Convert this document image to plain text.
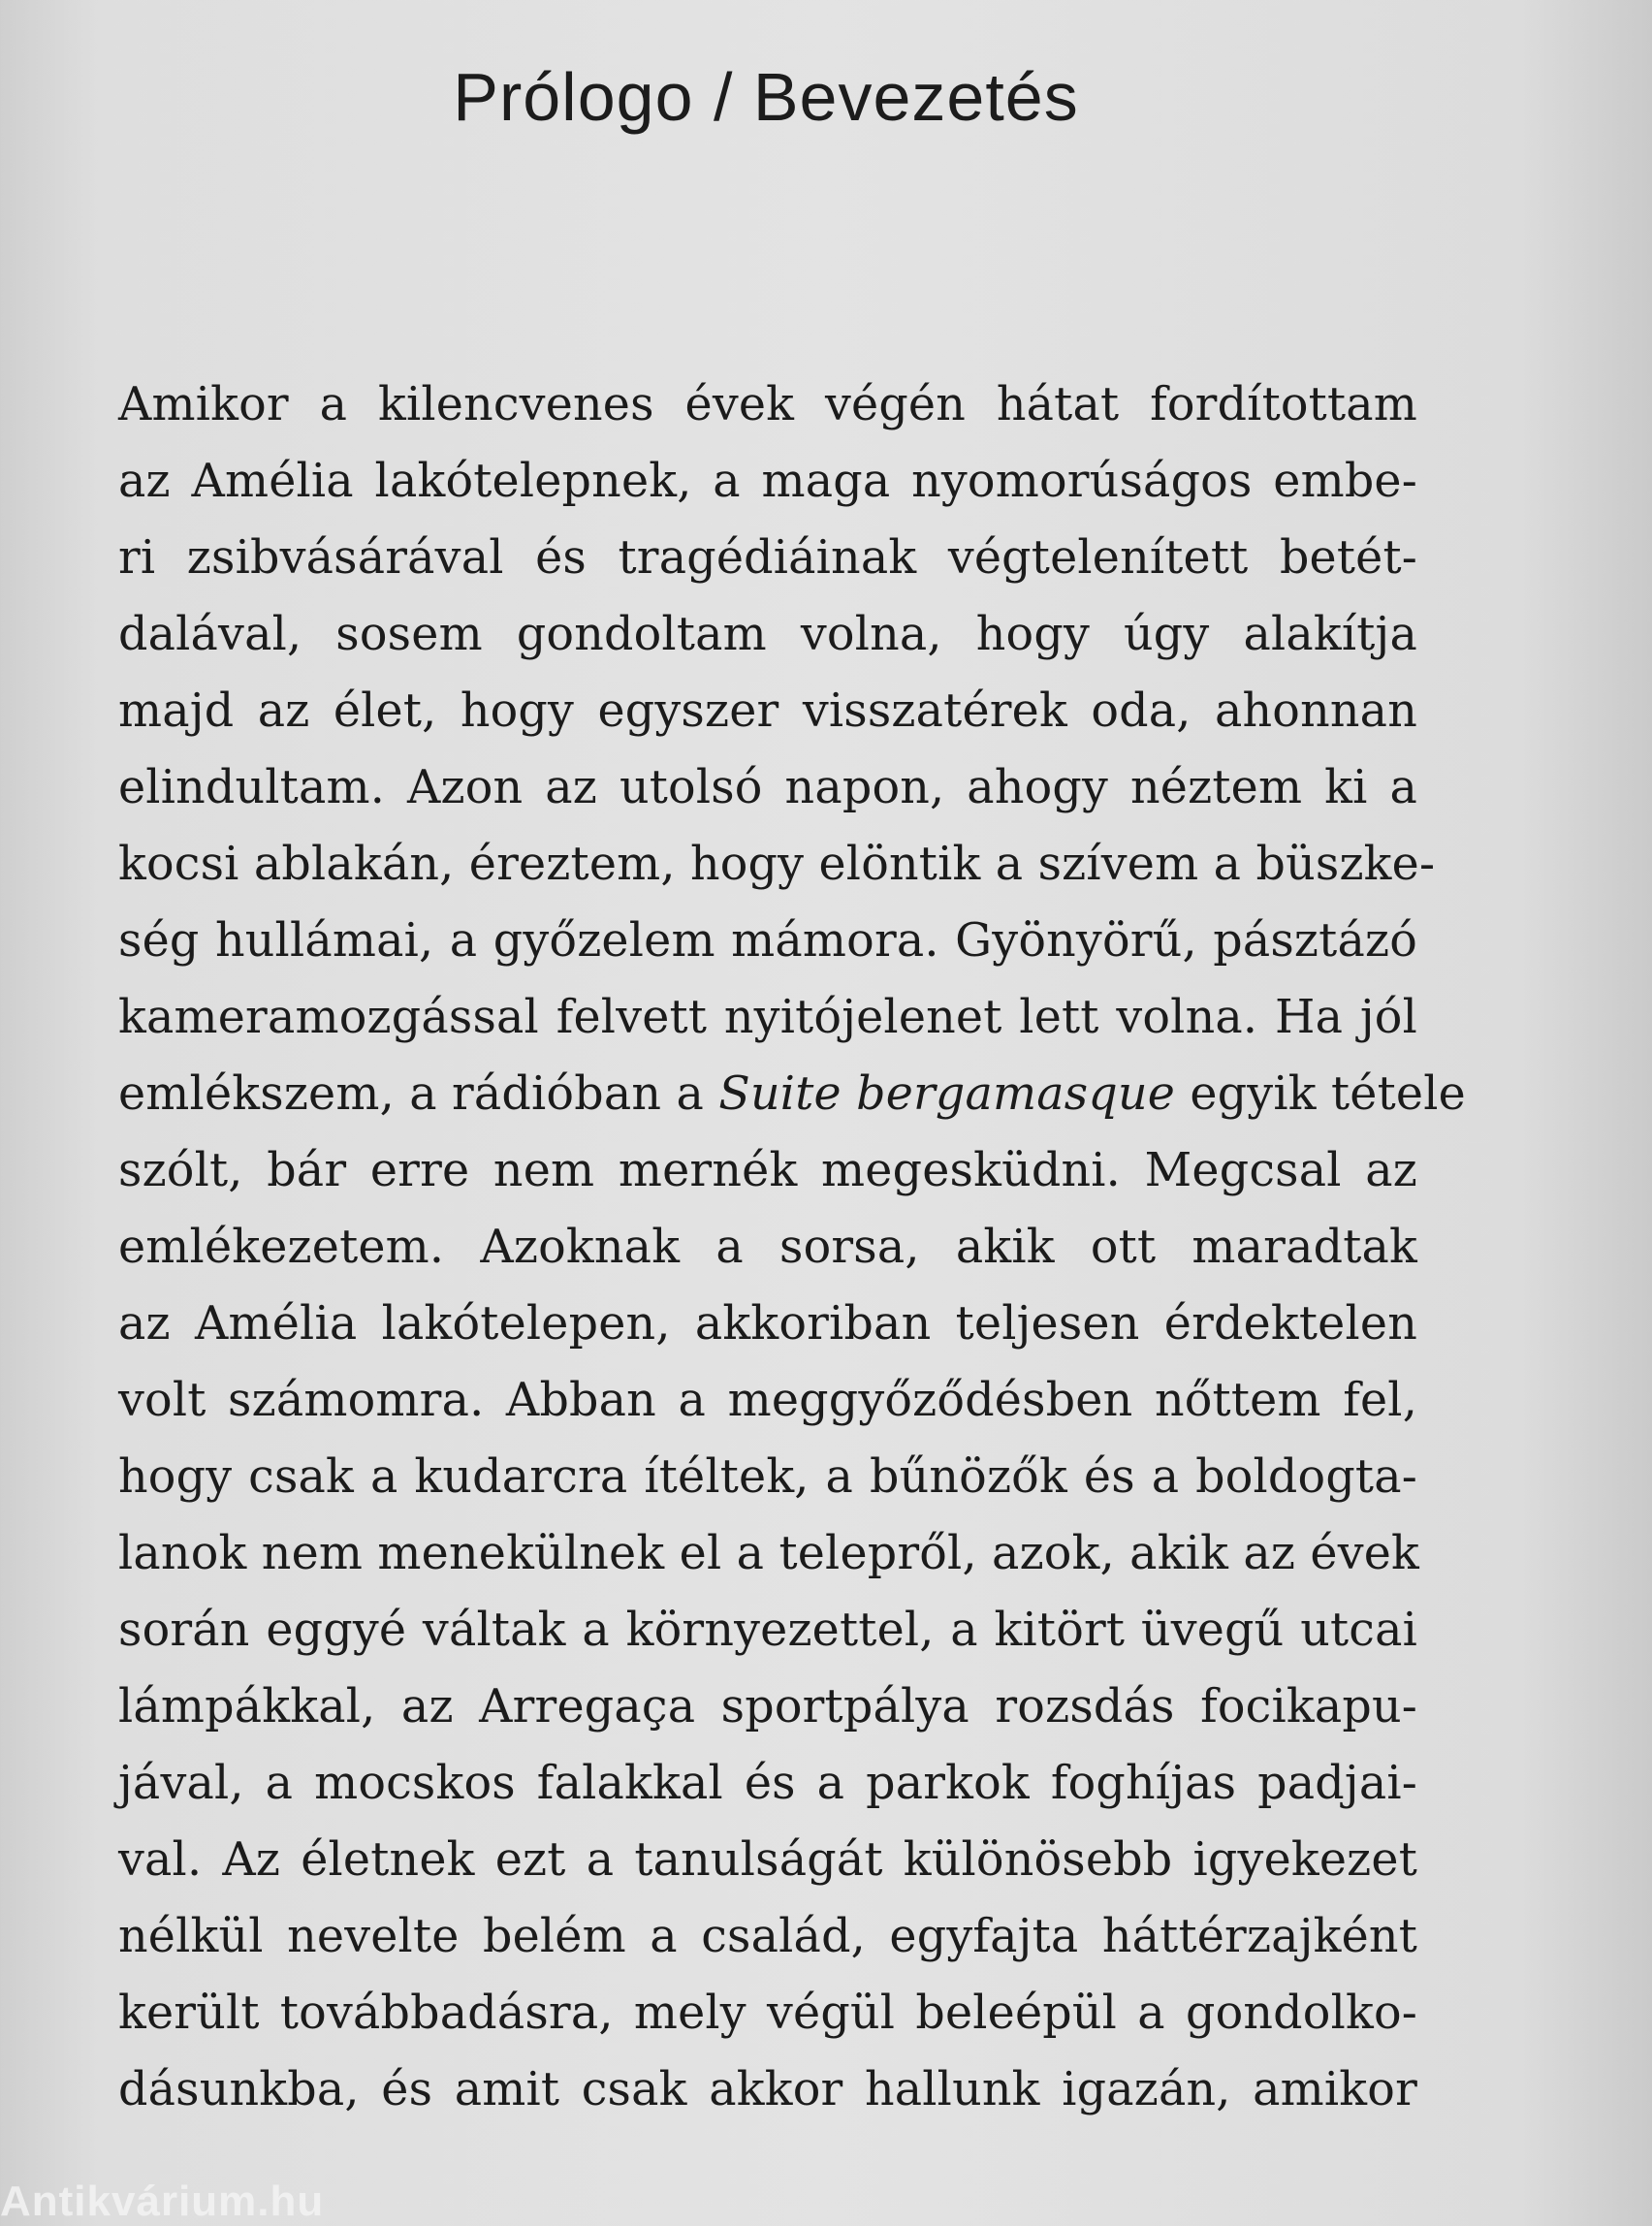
Prólogo / Bevezetés
Amikor a kilencvenes évek végén hátat fordítottam
az Amélia lakótelepnek, a maga nyomorúságos embe-
ri zsibvásárával és tragédiáinak végtelenített betét-
dalával, sosem gondoltam volna, hogy úgy alakítja
majd az élet, hogy egyszer visszatérek oda, ahonnan
elindultam. Azon az utolsó napon, ahogy néztem ki a
kocsi ablakán, éreztem, hogy elöntik a szívem a büszke-
ség hullámai, a győzelem mámora. Gyönyörű, pásztázó
kameramozgással felvett nyitójelenet lett volna. Ha jól
emlékszem, a rádióban a Suite bergamasque egyik tétele
szólt, bár erre nem mernék megesküdni. Megcsal az
emlékezetem. Azoknak a sorsa, akik ott maradtak
az Amélia lakótelepen, akkoriban teljesen érdektelen
volt számomra. Abban a meggyőződésben nőttem fel,
hogy csak a kudarcra ítéltek, a bűnözők és a boldogta-
lanok nem menekülnek el a telepről, azok, akik az évek
során eggyé váltak a környezettel, a kitört üvegű utcai
lámpákkal, az Arregaça sportpálya rozsdás focikapu-
jával, a mocskos falakkal és a parkok foghíjas padjai-
val. Az életnek ezt a tanulságát különösebb igyekezet
nélkül nevelte belém a család, egyfajta háttérzajként
került továbbadásra, mely végül beleépül a gondolko-
dásunkba, és amit csak akkor hallunk igazán, amikor
Antikvárium.hu
